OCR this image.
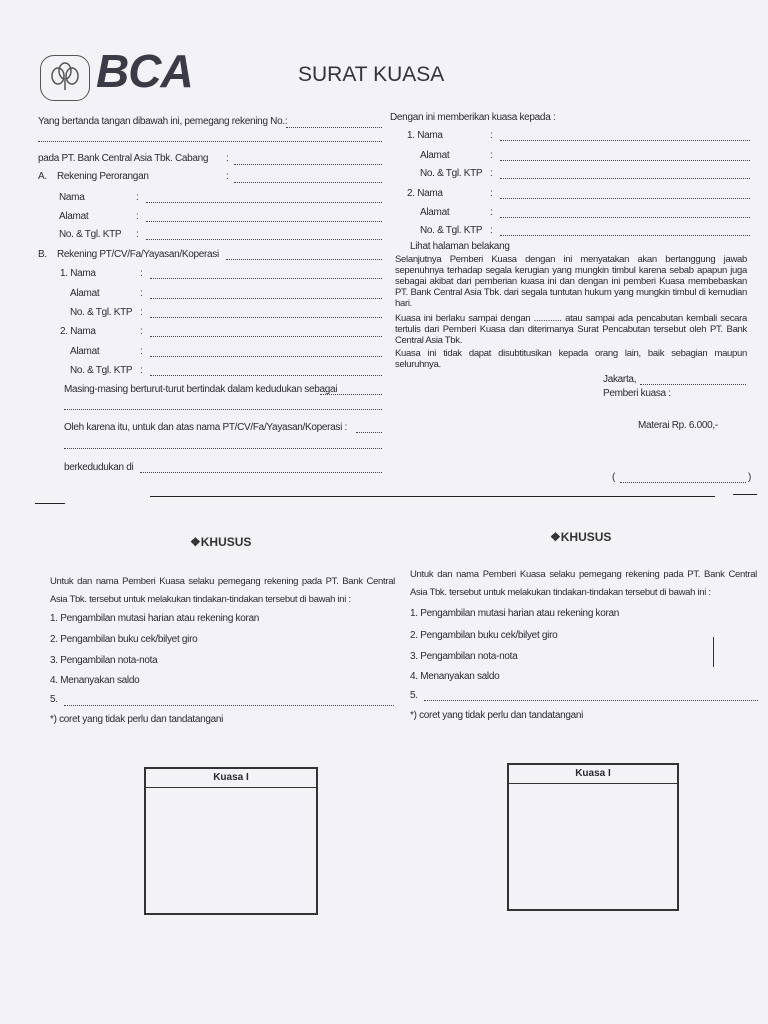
BCA	SURAT KUASA
Yang bertanda tangan dibawah ini, pemegang rekening No.:
pada PT. Bank Central Asia Tbk. Cabang :
A. Rekening Perorangan	:
Nama	:
Alamat	:
No. & Tgl. KTP :
B. Rekening PT/CV/Fa/Yayasan/Koperasi
1. Nama	:
Alamat	:
No. & Tgl. KTP :
2. Nama	:
Alamat	:
No. & Tgl. KTP :
Masing-masing berturut-turut bertindak dalam kedudukan sebagai
Oleh karena itu, untuk dan atas nama PT/CV/Fa/Yayasan/Koperasi :
berkedudukan di
Dengan ini memberikan kuasa kepada :
1. Nama	:
Alamat	:
No. & Tgl. KTP :
2. Nama	:
Alamat	:
No. & Tgl. KTP :
Lihat halaman belakang
Selanjutnya Pemberi Kuasa dengan ini menyatakan akan bertanggung jawab sepenuhnya terhadap segala kerugian yang mungkin timbul karena sebab apapun juga sebagai akibat dari pemberian kuasa ini dan dengan ini pemberi Kuasa membebaskan PT. Bank Central Asia Tbk. dari segala tuntutan hukum yang mungkin timbul di kemudian hari.
Kuasa ini berlaku sampai dengan ............ atau sampai ada pencabutan kembali secara tertulis dari Pemberi Kuasa dan diterimanya Surat Pencabutan tersebut oleh PT. Bank Central Asia Tbk.
Kuasa ini tidak dapat disubtitusikan kepada orang lain, baik sebagian maupun seluruhnya.
Jakarta,
Pemberi kuasa :
Materai Rp. 6.000,-
(	)
❖KHUSUS
Untuk dan nama Pemberi Kuasa selaku pemegang rekening pada PT. Bank Central Asia Tbk. tersebut untuk melakukan tindakan-tindakan tersebut di bawah ini :
1. Pengambilan mutasi harian atau rekening koran
2. Pengambilan buku cek/bilyet giro
3. Pengambilan nota-nota
4. Menanyakan saldo
5.
*) coret yang tidak perlu dan tandatangani
Kuasa I
❖KHUSUS
Untuk dan nama Pemberi Kuasa selaku pemegang rekening pada PT. Bank Central Asia Tbk. tersebut untuk melakukan tindakan-tindakan tersebut di bawah ini :
1. Pengambilan mutasi harian atau rekening koran
2. Pengambilan buku cek/bilyet giro
3. Pengambilan nota-nota
4. Menanyakan saldo
5.
*) coret yang tidak perlu dan tandatangani
Kuasa I
